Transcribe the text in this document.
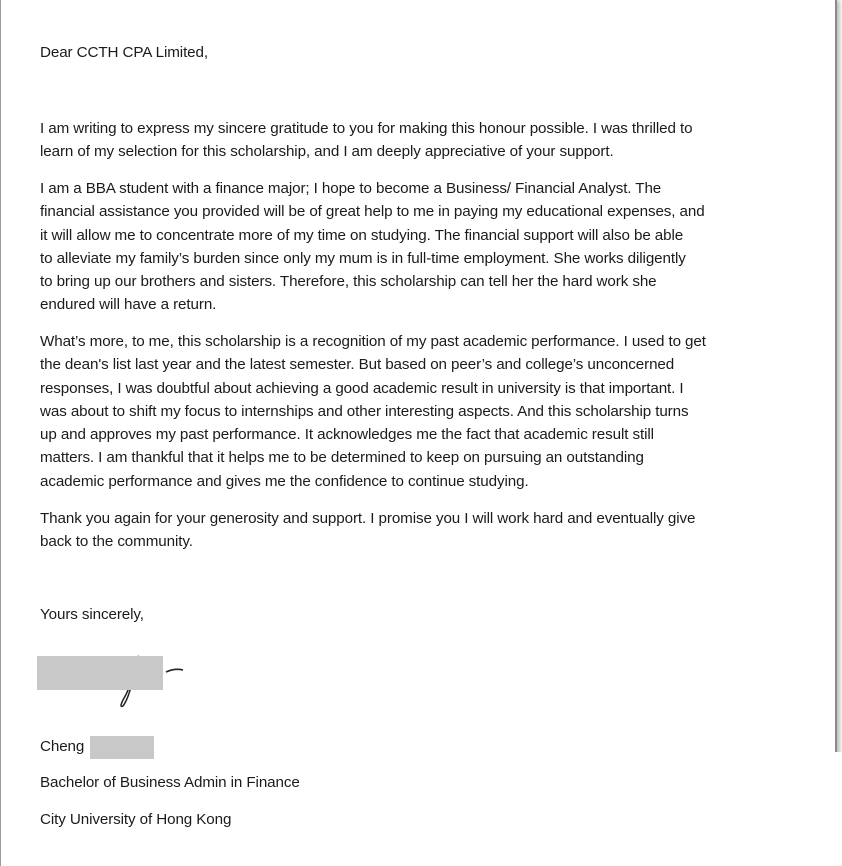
Dear CCTH CPA Limited,

I am writing to express my sincere gratitude to you for making this honour possible. I was thrilled to
learn of my selection for this scholarship, and I am deeply appreciative of your support.

I am a BBA student with a finance major; I hope to become a Business/ Financial Analyst. The
financial assistance you provided will be of great help to me in paying my educational expenses, and
it will allow me to concentrate more of my time on studying. The financial support will also be able
to alleviate my family’s burden since only my mum is in full-time employment. She works diligently
to bring up our brothers and sisters. Therefore, this scholarship can tell her the hard work she
endured will have a return.

What’s more, to me, this scholarship is a recognition of my past academic performance. I used to get
the dean's list last year and the latest semester. But based on peer’s and college’s unconcerned
responses, I was doubtful about achieving a good academic result in university is that important. I
was about to shift my focus to internships and other interesting aspects. And this scholarship turns
up and approves my past performance. It acknowledges me the fact that academic result still
matters. I am thankful that it helps me to be determined to keep on pursuing an outstanding
academic performance and gives me the confidence to continue studying.

Thank you again for your generosity and support. I promise you I will work hard and eventually give
back to the community.

Yours sincerely,

Cheng

Bachelor of Business Admin in Finance

City University of Hong Kong
